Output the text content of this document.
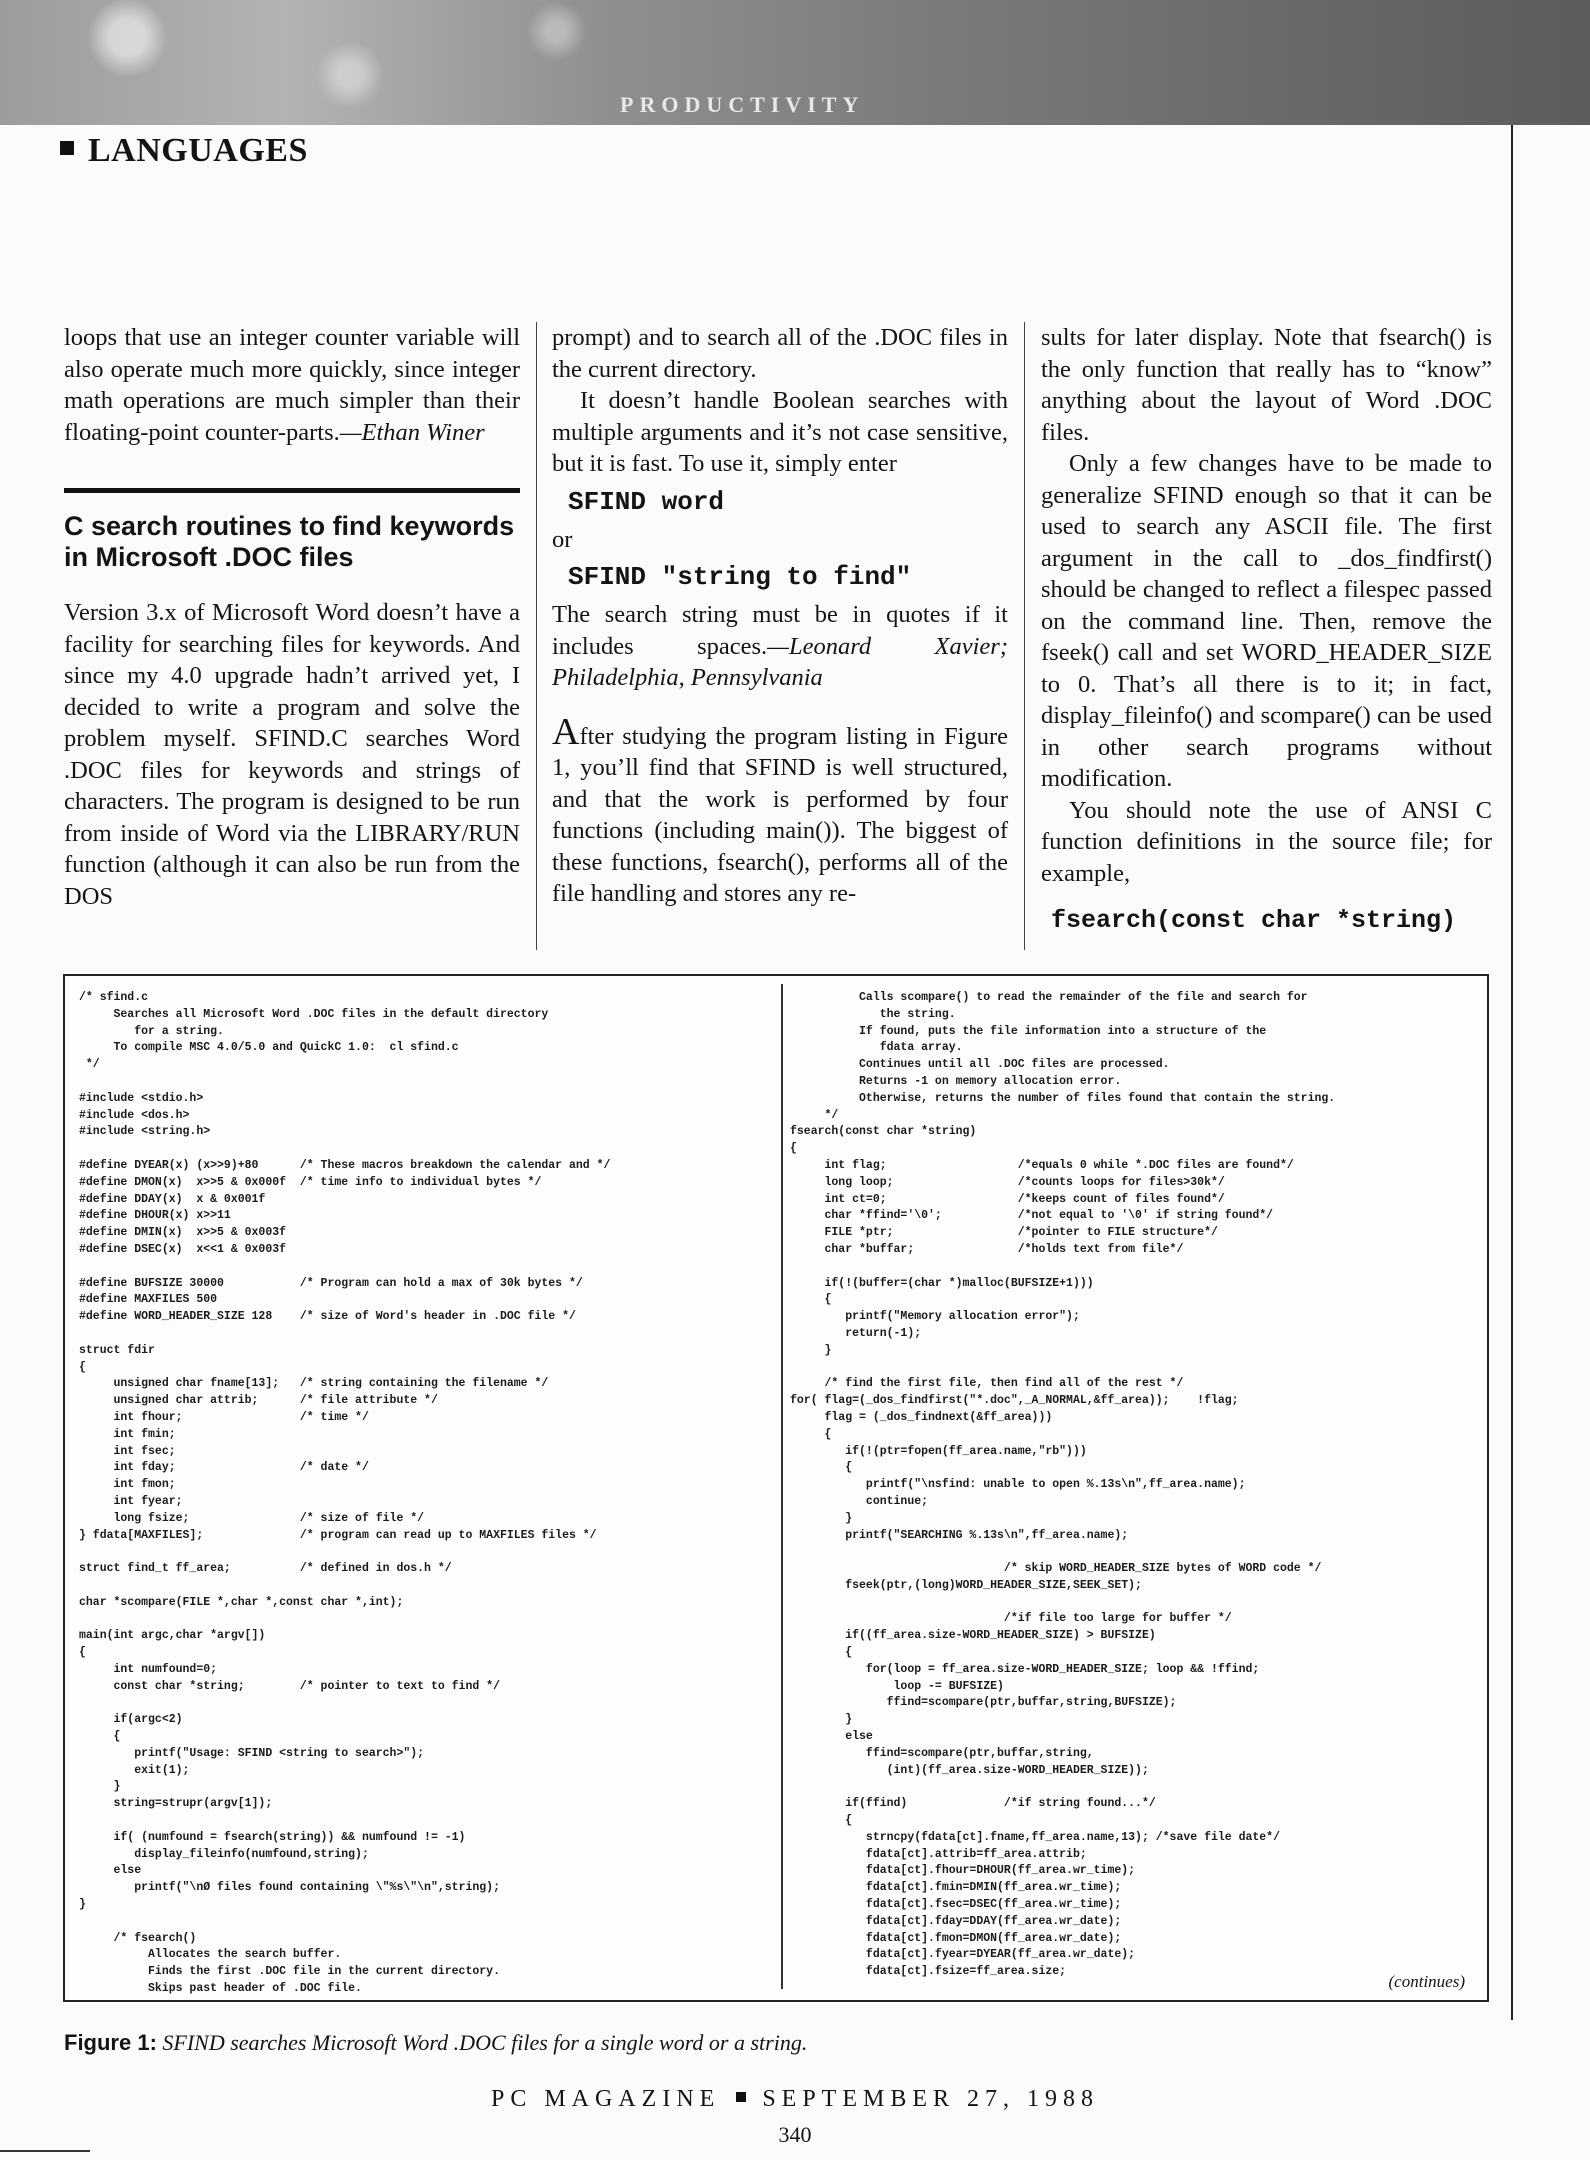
PRODUCTIVITY
LANGUAGES

loops that use an integer counter variable will also operate much more quickly, since integer math operations are much simpler than their floating-point counter-parts.—Ethan Winer

C search routines to find keywords in Microsoft .DOC files

Version 3.x of Microsoft Word doesn’t have a facility for searching files for keywords. And since my 4.0 upgrade hadn’t arrived yet, I decided to write a program and solve the problem myself. SFIND.C searches Word .DOC files for keywords and strings of characters. The program is designed to be run from inside of Word via the LIBRARY/RUN function (although it can also be run from the DOS

prompt) and to search all of the .DOC files in the current directory.

It doesn’t handle Boolean searches with multiple arguments and it’s not case sensitive, but it is fast. To use it, simply enter

SFIND word

or

SFIND "string to find"

The search string must be in quotes if it includes spaces.—Leonard Xavier; Philadelphia, Pennsylvania

After studying the program listing in Figure 1, you’ll find that SFIND is well structured, and that the work is performed by four functions (including main()). The biggest of these functions, fsearch(), performs all of the file handling and stores any re-

sults for later display. Note that fsearch() is the only function that really has to “know” anything about the layout of Word .DOC files.

Only a few changes have to be made to generalize SFIND enough so that it can be used to search any ASCII file. The first argument in the call to _dos_findfirst() should be changed to reflect a filespec passed on the command line. Then, remove the fseek() call and set WORD_HEADER_SIZE to 0. That’s all there is to it; in fact, display_fileinfo() and scompare() can be used in other search programs without modification.

You should note the use of ANSI C function definitions in the source file; for example,

fsearch(const char *string)
/* sfind.c
Searches all Microsoft Word .DOC files in the default directory
for a string.
To compile MSC 4.0/5.0 and QuickC 1.0:  cl sfind.c
*/

#include <stdio.h>
#include <dos.h>
#include <string.h>

#define DYEAR(x) (x>>9)+80      /* These macros breakdown the calendar and */
#define DMON(x)  x>>5 & 0x000f  /* time info to individual bytes */
#define DDAY(x)  x & 0x001f
#define DHOUR(x) x>>11
#define DMIN(x)  x>>5 & 0x003f
#define DSEC(x)  x<<1 & 0x003f

#define BUFSIZE 30000           /* Program can hold a max of 30k bytes */
#define MAXFILES 500
#define WORD_HEADER_SIZE 128    /* size of Word's header in .DOC file */

struct fdir
{
unsigned char fname[13];   /* string containing the filename */
unsigned char attrib;      /* file attribute */
int fhour;                 /* time */
int fmin;
int fsec;
int fday;                  /* date */
int fmon;
int fyear;
long fsize;                /* size of file */
} fdata[MAXFILES];              /* program can read up to MAXFILES files */

struct find_t ff_area;          /* defined in dos.h */

char *scompare(FILE *,char *,const char *,int);

main(int argc,char *argv[])
{
int numfound=0;
const char *string;        /* pointer to text to find */

if(argc<2)
{
printf("Usage: SFIND <string to search>");
exit(1);
}
string=strupr(argv[1]);

if( (numfound = fsearch(string)) && numfound != -1)
display_fileinfo(numfound,string);
else
printf("\nØ files found containing \"%s\"\n",string);
}

/* fsearch()
Allocates the search buffer.
Finds the first .DOC file in the current directory.
Skips past header of .DOC file.
Calls scompare() to read the remainder of the file and search for
the string.
If found, puts the file information into a structure of the
fdata array.
Continues until all .DOC files are processed.
Returns -1 on memory allocation error.
Otherwise, returns the number of files found that contain the string.
*/
fsearch(const char *string)
{
int flag;                   /*equals 0 while *.DOC files are found*/
long loop;                  /*counts loops for files>30k*/
int ct=0;                   /*keeps count of files found*/
char *ffind='\0';           /*not equal to '\0' if string found*/
FILE *ptr;                  /*pointer to FILE structure*/
char *buffar;               /*holds text from file*/

if(!(buffer=(char *)malloc(BUFSIZE+1)))
{
printf("Memory allocation error");
return(-1);
}

/* find the first file, then find all of the rest */
for( flag=(_dos_findfirst("*.doc",_A_NORMAL,&ff_area));    !flag;
flag = (_dos_findnext(&ff_area)))
{
if(!(ptr=fopen(ff_area.name,"rb")))
{
printf("\nsfind: unable to open %.13s\n",ff_area.name);
continue;
}
printf("SEARCHING %.13s\n",ff_area.name);

/* skip WORD_HEADER_SIZE bytes of WORD code */
fseek(ptr,(long)WORD_HEADER_SIZE,SEEK_SET);

/*if file too large for buffer */
if((ff_area.size-WORD_HEADER_SIZE) > BUFSIZE)
{
for(loop = ff_area.size-WORD_HEADER_SIZE; loop && !ffind;
loop -= BUFSIZE)
ffind=scompare(ptr,buffar,string,BUFSIZE);
}
else
ffind=scompare(ptr,buffar,string,
(int)(ff_area.size-WORD_HEADER_SIZE));

if(ffind)              /*if string found...*/
{
strncpy(fdata[ct].fname,ff_area.name,13); /*save file date*/
fdata[ct].attrib=ff_area.attrib;
fdata[ct].fhour=DHOUR(ff_area.wr_time);
fdata[ct].fmin=DMIN(ff_area.wr_time);
fdata[ct].fsec=DSEC(ff_area.wr_time);
fdata[ct].fday=DDAY(ff_area.wr_date);
fdata[ct].fmon=DMON(ff_area.wr_date);
fdata[ct].fyear=DYEAR(ff_area.wr_date);
fdata[ct].fsize=ff_area.size;
(continues)
Figure 1: SFIND searches Microsoft Word .DOC files for a single word or a string.
PC MAGAZINE SEPTEMBER 27, 1988
340
